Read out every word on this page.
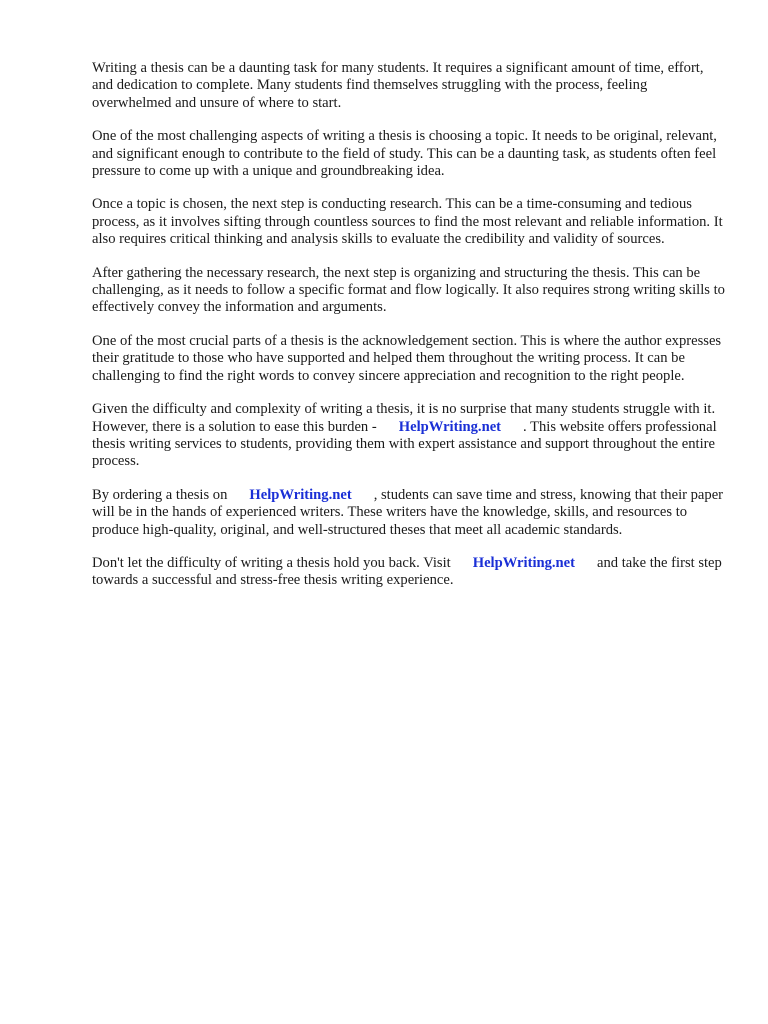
Writing a thesis can be a daunting task for many students. It requires a significant amount of time, effort, and dedication to complete. Many students find themselves struggling with the process, feeling overwhelmed and unsure of where to start.

One of the most challenging aspects of writing a thesis is choosing a topic. It needs to be original, relevant, and significant enough to contribute to the field of study. This can be a daunting task, as students often feel pressure to come up with a unique and groundbreaking idea.

Once a topic is chosen, the next step is conducting research. This can be a time-consuming and tedious process, as it involves sifting through countless sources to find the most relevant and reliable information. It also requires critical thinking and analysis skills to evaluate the credibility and validity of sources.

After gathering the necessary research, the next step is organizing and structuring the thesis. This can be challenging, as it needs to follow a specific format and flow logically. It also requires strong writing skills to effectively convey the information and arguments.

One of the most crucial parts of a thesis is the acknowledgement section. This is where the author expresses their gratitude to those who have supported and helped them throughout the writing process. It can be challenging to find the right words to convey sincere appreciation and recognition to the right people.

Given the difficulty and complexity of writing a thesis, it is no surprise that many students struggle with it. However, there is a solution to ease this burden - HelpWriting.net . This website offers professional thesis writing services to students, providing them with expert assistance and support throughout the entire process.

By ordering a thesis on HelpWriting.net , students can save time and stress, knowing that their paper will be in the hands of experienced writers. These writers have the knowledge, skills, and resources to produce high-quality, original, and well-structured theses that meet all academic standards.

Don't let the difficulty of writing a thesis hold you back. Visit HelpWriting.net and take the first step towards a successful and stress-free thesis writing experience.
